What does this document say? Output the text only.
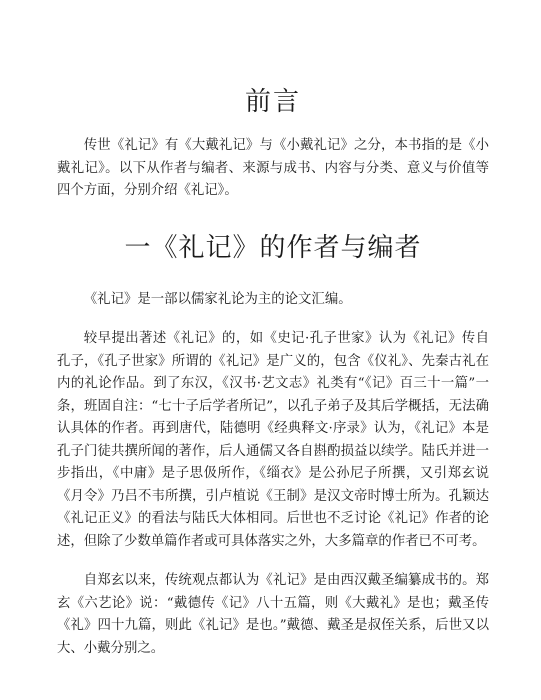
前言

传世《礼记》有《大戴礼记》与《小戴礼记》之分，本书指的是《小戴礼记》。以下从作者与编者、来源与成书、内容与分类、意义与价值等四个方面，分别介绍《礼记》。

一《礼记》的作者与编者

《礼记》是一部以儒家礼论为主的论文汇编。

较早提出著述《礼记》的，如《史记·孔子世家》认为《礼记》传自孔子，《孔子世家》所谓的《礼记》是广义的，包含《仪礼》、先秦古礼在内的礼论作品。到了东汉，《汉书·艺文志》礼类有“《记》百三十一篇”一条，班固自注：“七十子后学者所记”，以孔子弟子及其后学概括，无法确认具体的作者。再到唐代，陆德明《经典释文·序录》认为，《礼记》本是孔子门徒共撰所闻的著作，后人通儒又各自斟酌损益以续学。陆氏并进一步指出，《中庸》是子思伋所作，《缁衣》是公孙尼子所撰，又引郑玄说《月令》乃吕不韦所撰，引卢植说《王制》是汉文帝时博士所为。孔颖达《礼记正义》的看法与陆氏大体相同。后世也不乏讨论《礼记》作者的论述，但除了少数单篇作者或可具体落实之外，大多篇章的作者已不可考。

自郑玄以来，传统观点都认为《礼记》是由西汉戴圣编纂成书的。郑玄《六艺论》说：“戴德传《记》八十五篇，则《大戴礼》是也；戴圣传《礼》四十九篇，则此《礼记》是也。”戴德、戴圣是叔侄关系，后世又以大、小戴分别之。
